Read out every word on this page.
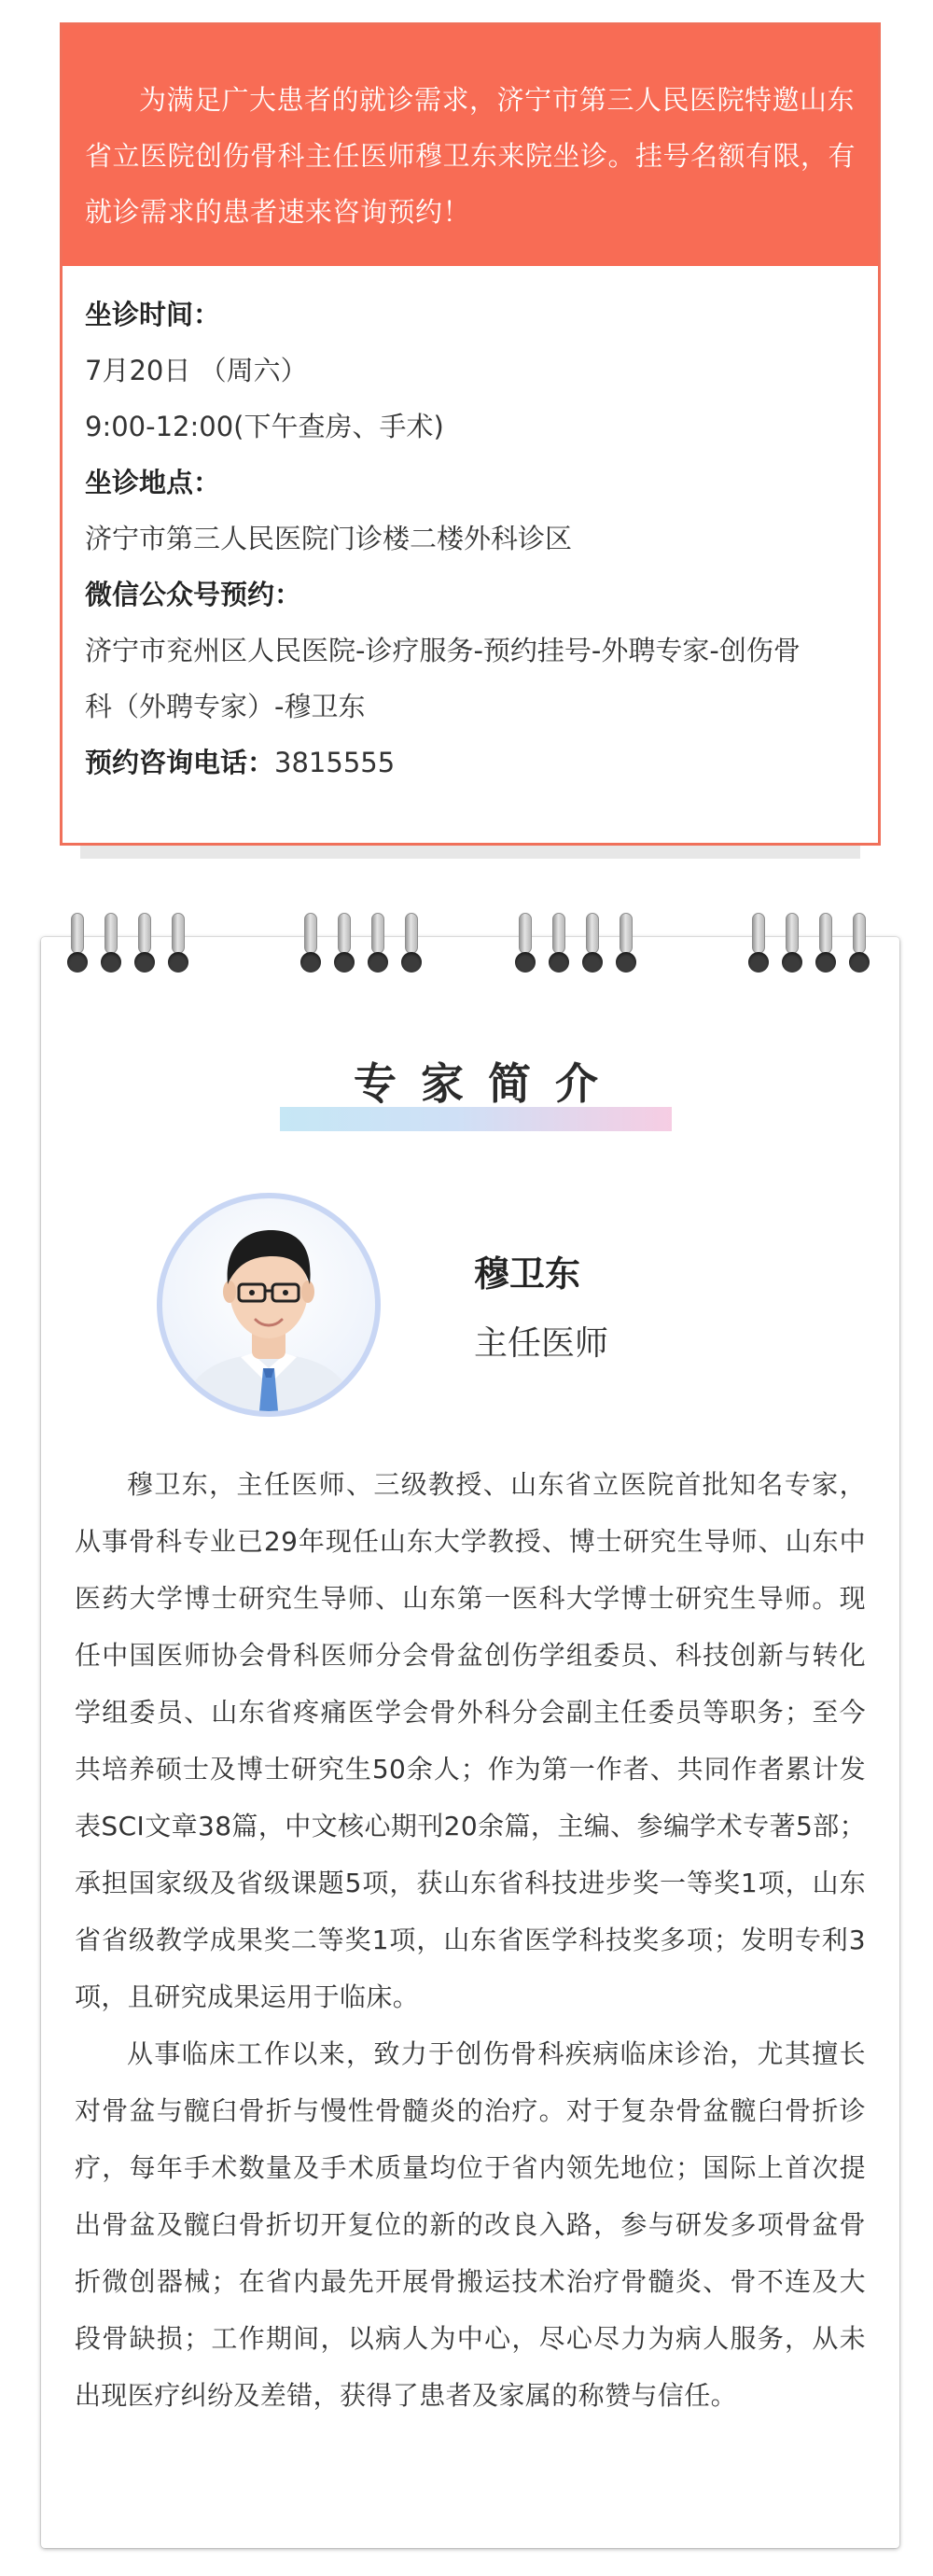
为满足广大患者的就诊需求，济宁市第三人民医院特邀山东省立医院创伤骨科主任医师穆卫东来院坐诊。挂号名额有限，有就诊需求的患者速来咨询预约！

坐诊时间：

7月20日 （周六）

9:00-12:00(下午查房、手术)

坐诊地点：

济宁市第三人民医院门诊楼二楼外科诊区

微信公众号预约：

济宁市兖州区人民医院-诊疗服务-预约挂号-外聘专家-创伤骨

科（外聘专家）-穆卫东

预约咨询电话：3815555

专家简介
穆卫东
主任医师

穆卫东，主任医师、三级教授、山东省立医院首批知名专家，从事骨科专业已29年现任山东大学教授、博士研究生导师、山东中医药大学博士研究生导师、山东第一医科大学博士研究生导师。现任中国医师协会骨科医师分会骨盆创伤学组委员、科技创新与转化学组委员、山东省疼痛医学会骨外科分会副主任委员等职务；至今共培养硕士及博士研究生50余人；作为第一作者、共同作者累计发表SCI文章38篇，中文核心期刊20余篇，主编、参编学术专著5部；承担国家级及省级课题5项，获山东省科技进步奖一等奖1项，山东省省级教学成果奖二等奖1项，山东省医学科技奖多项；发明专利3项，且研究成果运用于临床。

从事临床工作以来，致力于创伤骨科疾病临床诊治，尤其擅长对骨盆与髋臼骨折与慢性骨髓炎的治疗。对于复杂骨盆髋臼骨折诊疗，每年手术数量及手术质量均位于省内领先地位；国际上首次提出骨盆及髋臼骨折切开复位的新的改良入路，参与研发多项骨盆骨折微创器械；在省内最先开展骨搬运技术治疗骨髓炎、骨不连及大段骨缺损；工作期间，以病人为中心，尽心尽力为病人服务，从未出现医疗纠纷及差错，获得了患者及家属的称赞与信任。
